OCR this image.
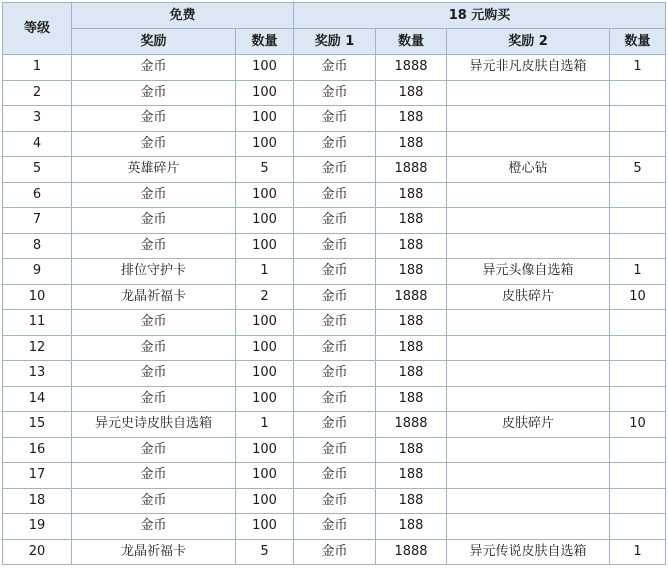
等级	免费		18 元购买			
	奖励	数量	奖励 1	数量	奖励 2	数量
1	金币	100	金币	1888	异元非凡皮肤自选箱	1
2	金币	100	金币	188		
3	金币	100	金币	188		
4	金币	100	金币	188		
5	英雄碎片	5	金币	1888	橙心钻	5
6	金币	100	金币	188		
7	金币	100	金币	188		
8	金币	100	金币	188		
9	排位守护卡	1	金币	188	异元头像自选箱	1
10	龙晶祈福卡	2	金币	1888	皮肤碎片	10
11	金币	100	金币	188		
12	金币	100	金币	188		
13	金币	100	金币	188		
14	金币	100	金币	188		
15	异元史诗皮肤自选箱	1	金币	1888	皮肤碎片	10
16	金币	100	金币	188		
17	金币	100	金币	188		
18	金币	100	金币	188		
19	金币	100	金币	188		
20	龙晶祈福卡	5	金币	1888	异元传说皮肤自选箱	1
